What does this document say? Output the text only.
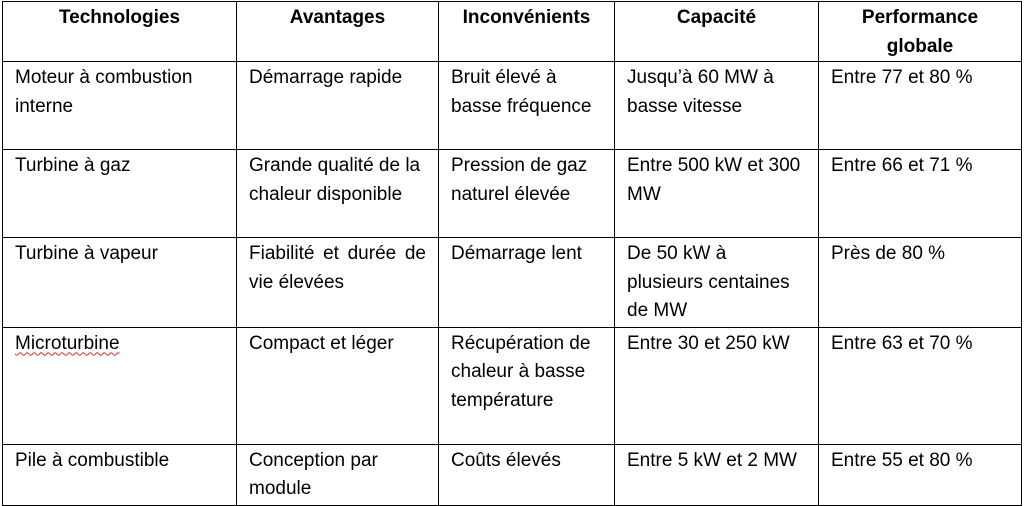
Technologies	Avantages	Inconvénients	Capacité	Performance globale
Moteur à combustion interne	Démarrage rapide	Bruit élevé à basse fréquence	Jusqu’à 60 MW à basse vitesse	Entre 77 et 80 %
Turbine à gaz	Grande qualité de la chaleur disponible	Pression de gaz naturel élevée	Entre 500 kW et 300 MW	Entre 66 et 71 %
Turbine à vapeur	Fiabilité et durée de vie élevées	Démarrage lent	De 50 kW à plusieurs centaines de MW	Près de 80 %
Microturbine	Compact et léger	Récupération de chaleur à basse température	Entre 30 et 250 kW	Entre 63 et 70 %
Pile à combustible	Conception par module	Coûts élevés	Entre 5 kW et 2 MW	Entre 55 et 80 %
